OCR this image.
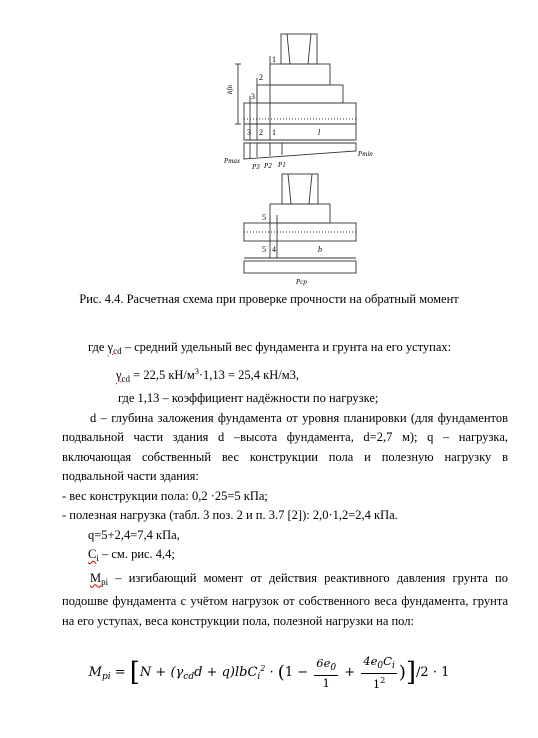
1
2
3
hfn
3 2 1	l
Pmax
Pmin
P3 P2 P1
5
5 4	b
Pср
Рис. 4.4. Расчетная схема при проверке прочности на обратный момент

где $\gamma_{cd}$ – средний удельный вес фундамента и грунта на его уступах:

$\gamma_{cd} = 22,5$ $кН/м^3\cdot 1,13 = 25,4$ кН/м3,

где 1,13 – коэффициент надёжности по нагрузке;

d – глубина заложения фундамента от уровня планировки (для фундаментов подвальной части здания d –высота фундамента, d=2,7 м); q – нагрузка, включающая собственный вес конструкции пола и полезную нагрузку в подвальной части здания:

- вес конструкции пола: 0,2 ·25=5 кПа;

- полезная нагрузка (табл. 3 поз. 2 и п. 3.7 [2]): 2,0·1,2=2,4 кПа.

q=5+2,4=7,4 кПа,

$С_i$ – см. рис. 4,4;

$M_{pi}$ – изгибающий момент от действия реактивного давления грунта по подошве фундамента с учётом нагрузок от собственного веса фундамента, грунта на его уступах, веса конструкции пола, полезной нагрузки на пол:

$M_{pi} = [N + (\gamma_{cd}d + q)lbC_i^2 \cdot (1 - \frac{6e_0}{1} + \frac{4e_0C_i}{1^2} )]/2 \cdot 1$
